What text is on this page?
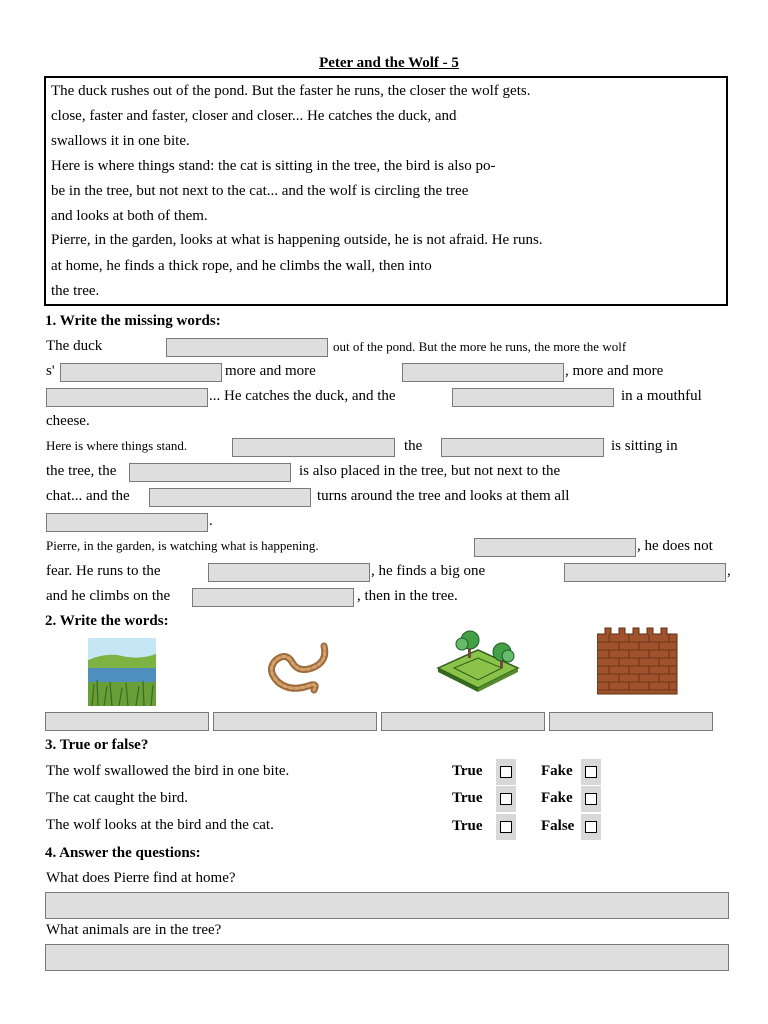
Peter and the Wolf - 5
The duck rushes out of the pond. But the faster he runs, the closer the wolf gets.
close, faster and faster, closer and closer... He catches the duck, and
swallows it in one bite.
Here is where things stand: the cat is sitting in the tree, the bird is also po-
be in the tree, but not next to the cat... and the wolf is circling the tree
and looks at both of them.
Pierre, in the garden, looks at what is happening outside, he is not afraid. He runs.
at home, he finds a thick rope, and he climbs the wall, then into
the tree.
1. Write the missing words:
The duck	out of the pond. But the more he runs, the more the wolf
s'	more and more	, more and more
... He catches the duck, and the	in a mouthful
cheese.
Here is where things stand.	the	is sitting in
the tree, the	is also placed in the tree, but not next to the
chat... and the	turns around the tree and looks at them all
.
Pierre, in the garden, is watching what is happening.	, he does not
fear. He runs to the	, he finds a big one	,
and he climbs on the	, then in the tree.
2. Write the words:
3. True or false?
The wolf swallowed the bird in one bite.	True	Fake
The cat caught the bird.	True	Fake
The wolf looks at the bird and the cat.	True	False
4. Answer the questions:
What does Pierre find at home?
What animals are in the tree?
